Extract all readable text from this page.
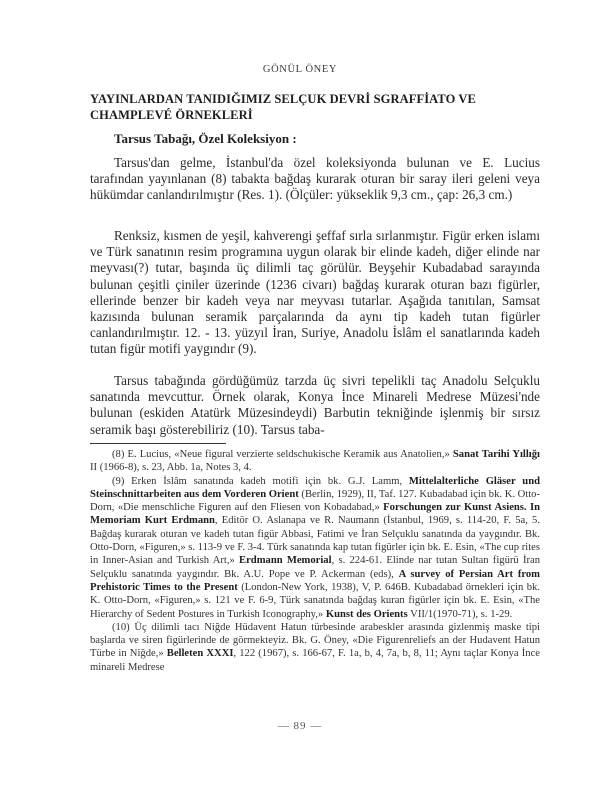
GÖNÜL ÖNEY
YAYINLARDAN TANIDIĞIMIZ SELÇUK DEVRİ SGRAFFİATO VE CHAMPLEVÉ ÖRNEKLERİ
Tarsus Tabağı, Özel Koleksiyon :

Tarsus'dan gelme, İstanbul'da özel koleksiyonda bulunan ve E. Lucius tarafından yayınlanan (8) tabakta bağdaş kurarak oturan bir saray ileri geleni veya hükümdar canlandırılmıştır (Res. 1). (Ölçüler: yükseklik 9,3 cm., çap: 26,3 cm.)

Renksiz, kısmen de yeşil, kahverengi şeffaf sırla sırlanmıştır. Figür erken islamı ve Türk sanatının resim programına uygun olarak bir elinde kadeh, diğer elinde nar meyvası(?) tutar, başında üç dilimli taç görülür. Beyşehir Kubadabad sarayında bulunan çeşitli çiniler üzerinde (1236 civarı) bağdaş kurarak oturan bazı figürler, ellerinde benzer bir kadeh veya nar meyvası tutarlar. Aşağıda tanıtılan, Samsat kazısında bulunan seramik parçalarında da aynı tip kadeh tutan figürler canlandırılmıştır. 12. - 13. yüzyıl İran, Suriye, Anadolu İslâm el sanatlarında kadeh tutan figür motifi yaygındır (9).

Tarsus tabağında gördüğümüz tarzda üç sivri tepelikli taç Anadolu Selçuklu sanatında mevcuttur. Örnek olarak, Konya İnce Minareli Medrese Müzesi'nde bulunan (eskiden Atatürk Müzesindeydi) Barbutin tekniğinde işlenmiş bir sırsız seramik başı gösterebiliriz (10). Tarsus taba-

(8) E. Lucius, «Neue figural verzierte seldschukische Keramik aus Anatolien,» Sanat Tarihi Yıllığı II (1966-8), s. 23, Abb. 1a, Notes 3, 4.

(9) Erken İslâm sanatında kadeh motifi için bk. G.J. Lamm, Mittelalterliche Gläser und Steinschnittarbeiten aus dem Vorderen Orient (Berlin, 1929), II, Taf. 127. Kubadabad için bk. K. Otto-Dorn, «Die menschliche Figuren auf den Fliesen von Kobadabad,» Forschungen zur Kunst Asiens. In Memoriam Kurt Erdmann, Editör O. Aslanapa ve R. Naumann (İstanbul, 1969, s. 114-20, F. 5a, 5. Bağdaş kurarak oturan ve kadeh tutan figür Abbasi, Fatimi ve İran Selçuklu sanatında da yaygındır. Bk. Otto-Dorn, «Figuren,» s. 113-9 ve F. 3-4. Türk sanatında kap tutan figürler için bk. E. Esin, «The cup rites in Inner-Asian and Turkish Art,» Erdmann Memorial, s. 224-61. Elinde nar tutan Sultan figürü İran Selçuklu sanatında yaygındır. Bk. A.U. Pope ve P. Ackerman (eds), A survey of Persian Art from Prehistoric Times to the Present (London-New York, 1938), V, P. 646B. Kubadabad örnekleri için bk. K. Otto-Dorn, «Figuren,» s. 121 ve F. 6-9, Türk sanatında bağdaş kuran figürler için bk. E. Esin, «The Hierarchy of Sedent Postures in Turkish Iconography,» Kunst des Orients VII/1(1970-71), s. 1-29.

(10) Üç dilimli tacı Niğde Hüdavent Hatun türbesinde arabeskler arasında gizlenmiş maske tipi başlarda ve siren figürlerinde de görmekteyiz. Bk. G. Öney, «Die Figurenreliefs an der Hudavent Hatun Türbe in Niğde,» Belleten XXXI, 122 (1967), s. 166-67, F. 1a, b, 4, 7a, b, 8, 11; Aynı taçlar Konya İnce minareli Medrese

— 89 —
